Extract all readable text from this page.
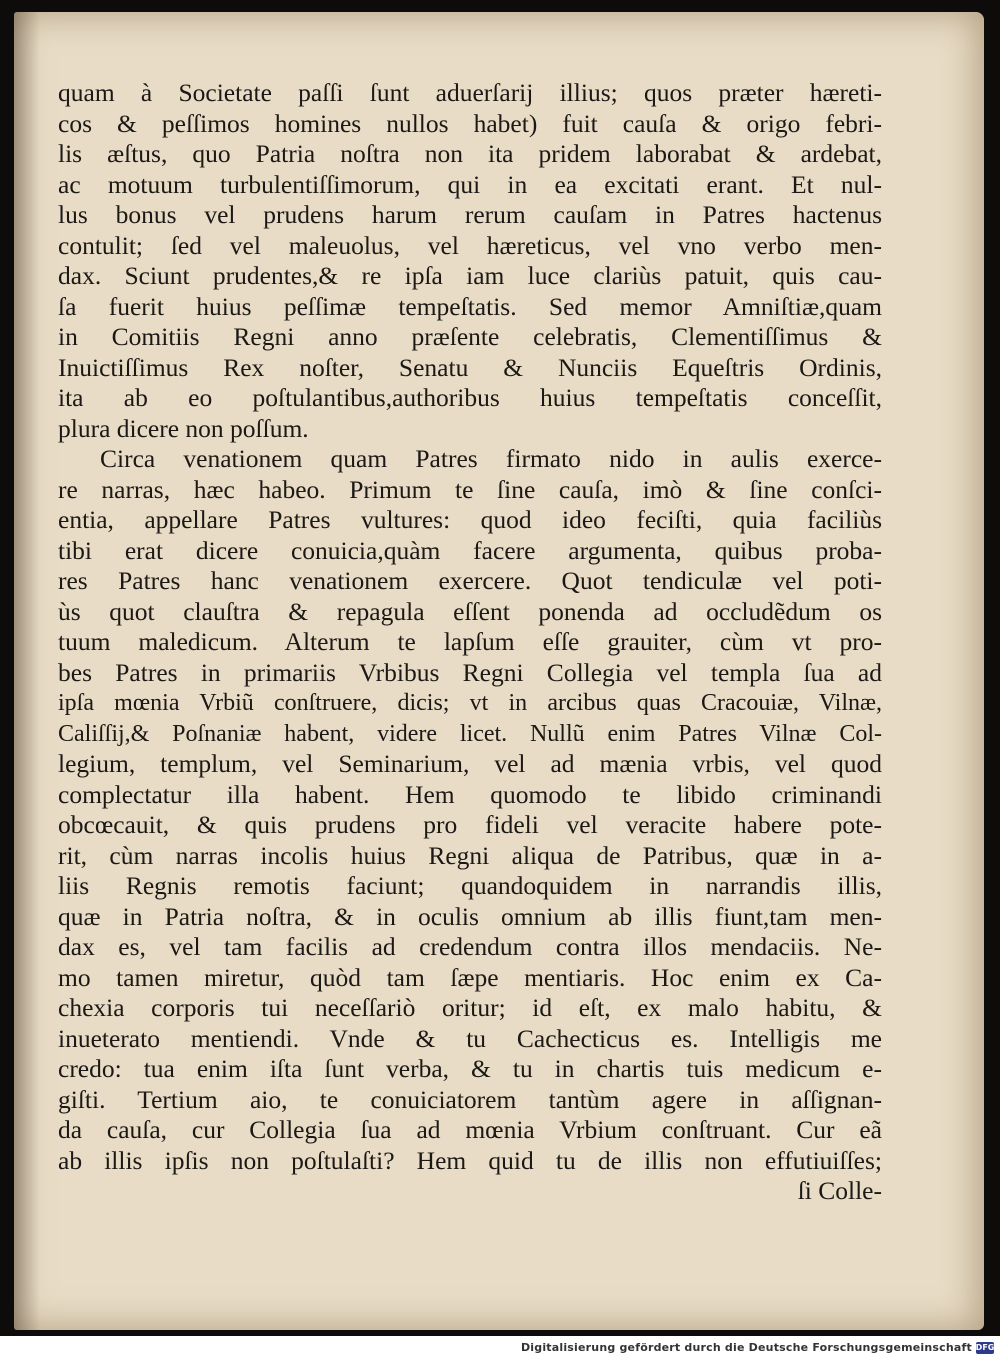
quam à Societate paſſi ſunt aduerſarij illius; quos præter hæreti-
cos & peſſimos homines nullos habet) fuit cauſa & origo febri-
lis æſtus, quo Patria noſtra non ita pridem laborabat & ardebat,
ac motuum turbulentiſſimorum, qui in ea excitati erant. Et nul-
lus bonus vel prudens harum rerum cauſam in Patres hactenus
contulit; ſed vel maleuolus, vel hæreticus, vel vno verbo men-
dax. Sciunt prudentes,& re ipſa iam luce clariùs patuit, quis cau-
ſa fuerit huius peſſimæ tempeſtatis. Sed memor Amniſtiæ,quam
in Comitiis Regni anno præſente celebratis, Clementiſſimus &
Inuictiſſimus Rex noſter, Senatu & Nunciis Equeſtris Ordinis,
ita ab eo poſtulantibus,authoribus huius tempeſtatis conceſſit,
plura dicere non poſſum.
Circa venationem quam Patres firmato nido in aulis exerce-
re narras, hæc habeo. Primum te ſine cauſa, imò & ſine conſci-
entia, appellare Patres vultures: quod ideo feciſti, quia faciliùs
tibi erat dicere conuicia,quàm facere argumenta, quibus proba-
res Patres hanc venationem exercere. Quot tendiculæ vel poti-
ùs quot clauſtra & repagula eſſent ponenda ad occludẽdum os
tuum maledicum. Alterum te lapſum eſſe grauiter, cùm vt pro-
bes Patres in primariis Vrbibus Regni Collegia vel templa ſua ad
ipſa mœnia Vrbiũ conſtruere, dicis; vt in arcibus quas Cracouiæ, Vilnæ,
Caliſſij,& Poſnaniæ habent, videre licet. Nullũ enim Patres Vilnæ Col-
legium, templum, vel Seminarium, vel ad mænia vrbis, vel quod
complectatur illa habent. Hem quomodo te libido criminandi
obcœcauit, & quis prudens pro fideli vel veracite habere pote-
rit, cùm narras incolis huius Regni aliqua de Patribus, quæ in a-
liis Regnis remotis faciunt; quandoquidem in narrandis illis,
quæ in Patria noſtra, & in oculis omnium ab illis fiunt,tam men-
dax es, vel tam facilis ad credendum contra illos mendaciis. Ne-
mo tamen miretur, quòd tam ſæpe mentiaris. Hoc enim ex Ca-
chexia corporis tui neceſſariò oritur; id eſt, ex malo habitu, &
inueterato mentiendi. Vnde & tu Cachecticus es. Intelligis me
credo: tua enim iſta ſunt verba, & tu in chartis tuis medicum e-
giſti. Tertium aio, te conuiciatorem tantùm agere in aſſignan-
da cauſa, cur Collegia ſua ad mœnia Vrbium conſtruant. Cur eã
ab illis ipſis non poſtulaſti? Hem quid tu de illis non effutiuiſſes;
ſi Colle-
Digitalisierung gefördert durch die Deutsche Forschungsgemeinschaft DFG
